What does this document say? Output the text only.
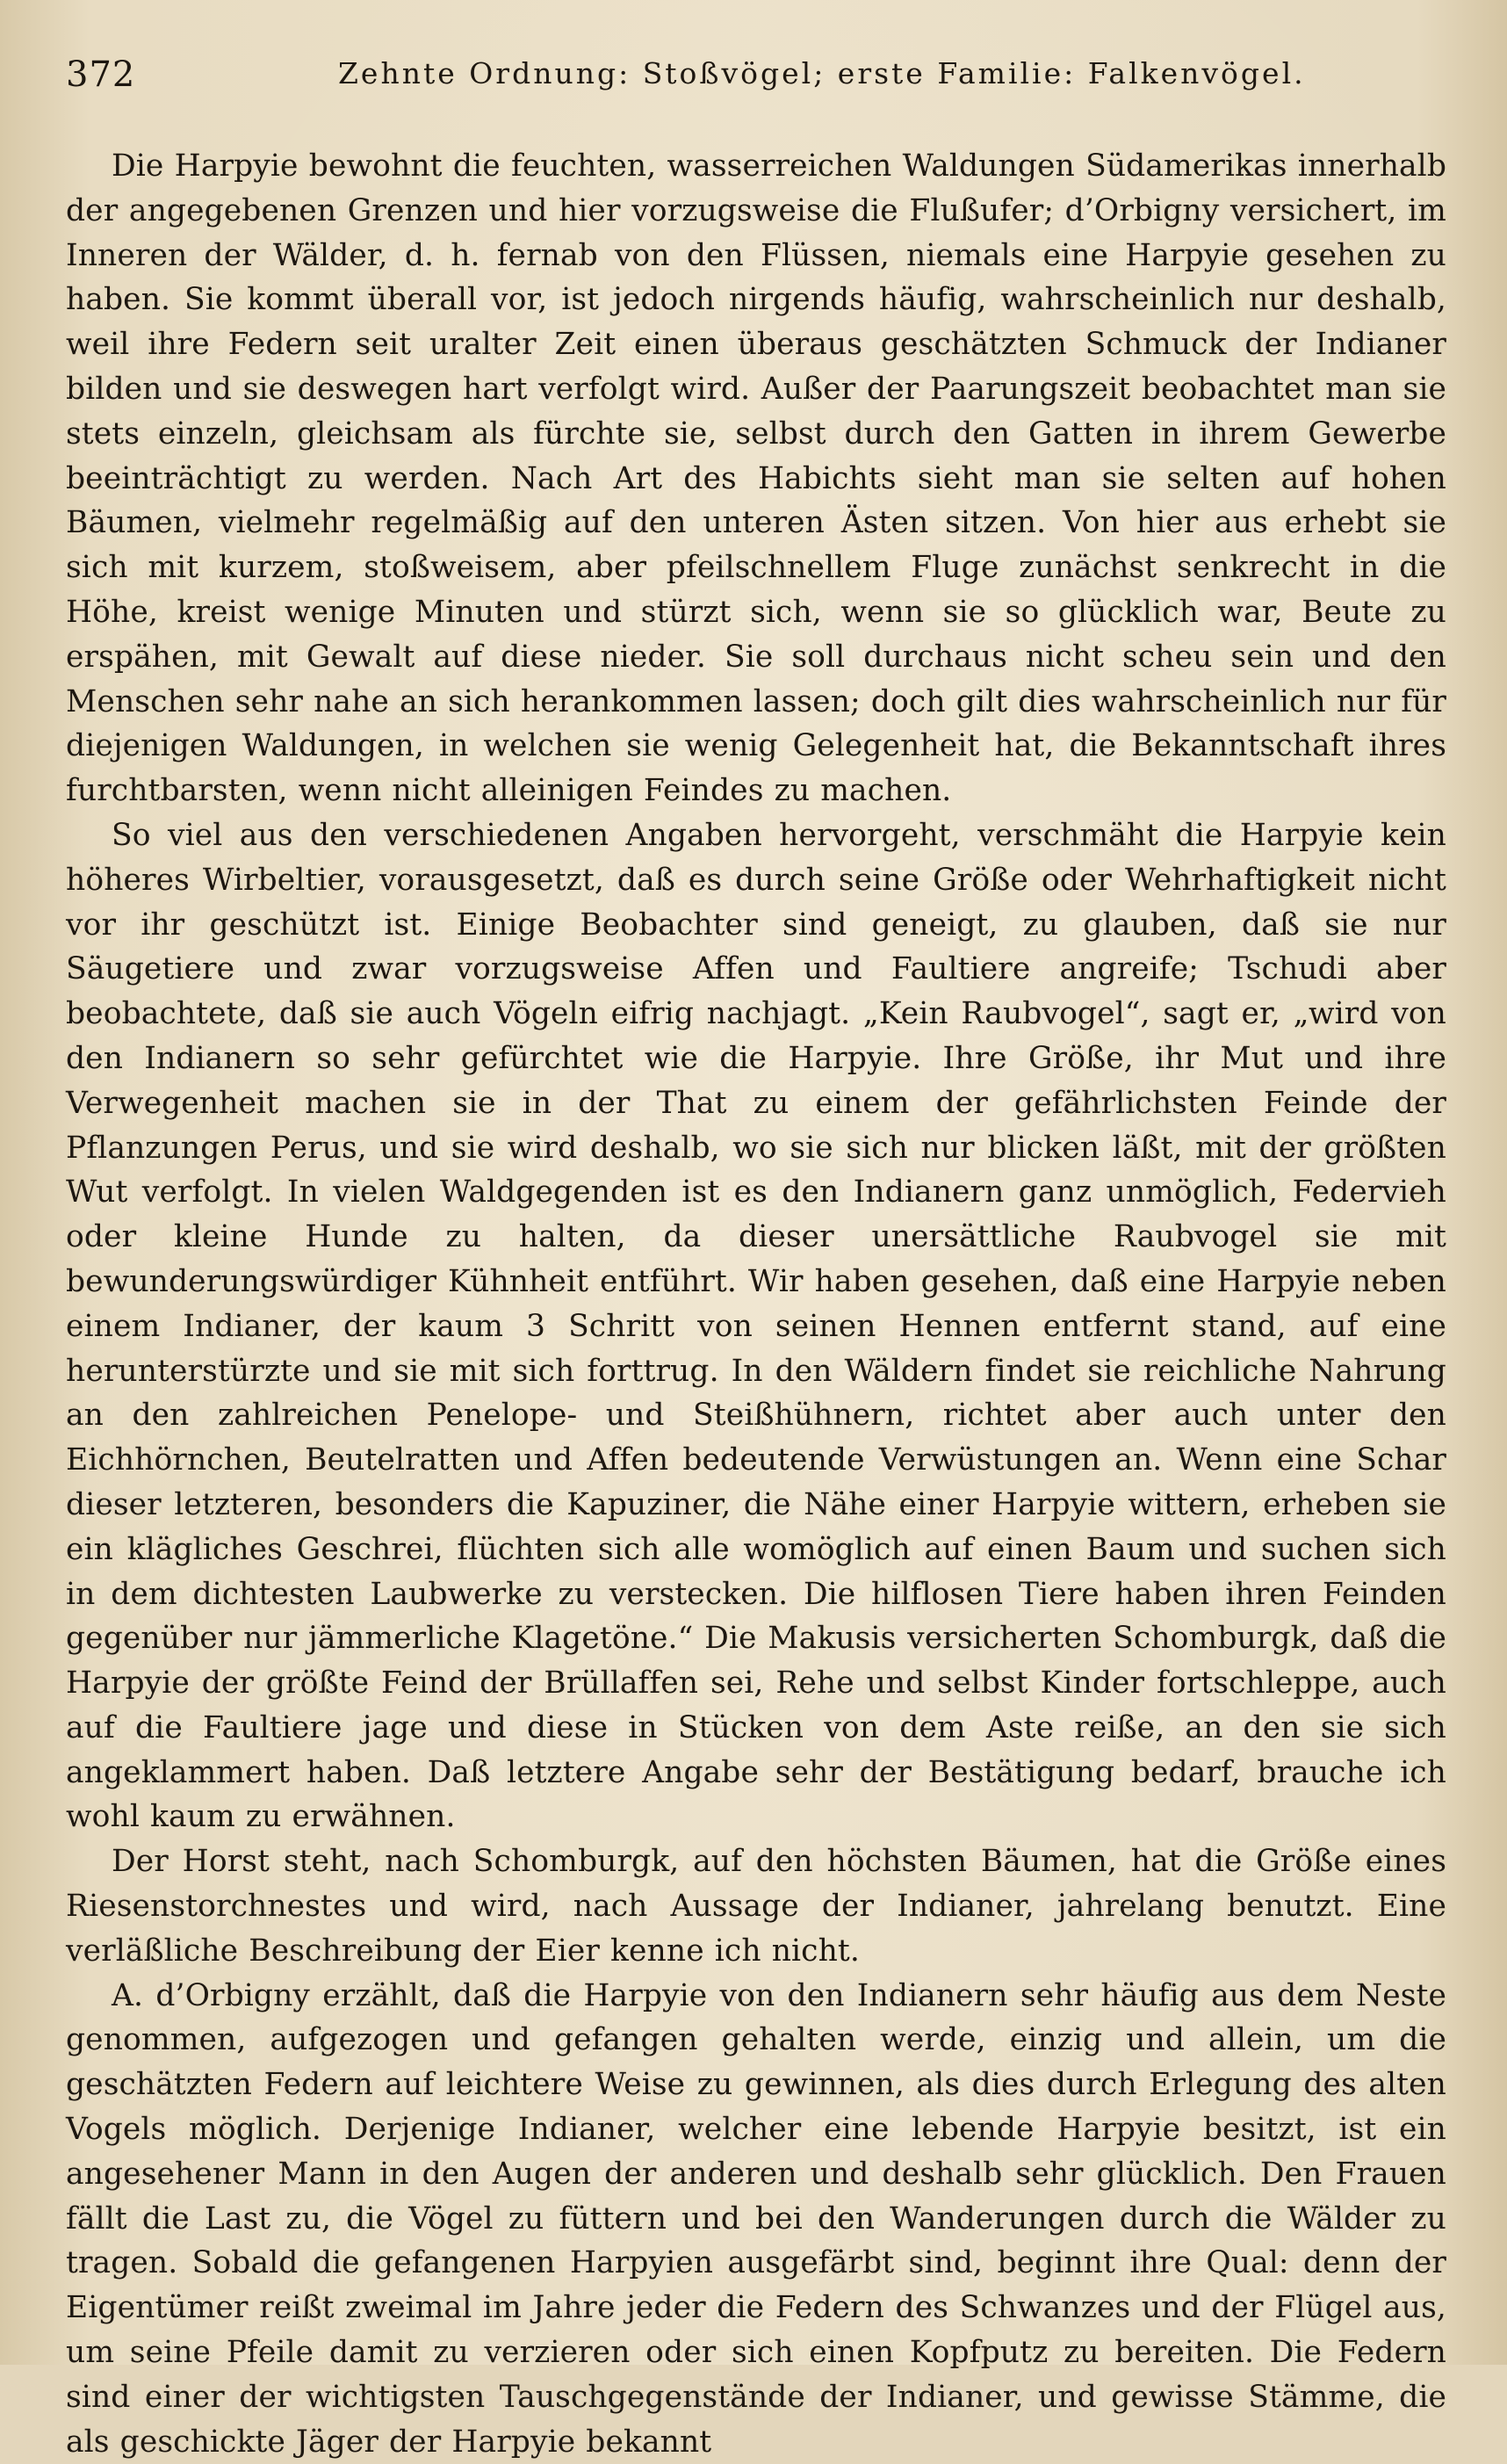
372	Zehnte Ordnung: Stoßvögel; erste Familie: Falkenvögel.

Die Harpyie bewohnt die feuchten, wasserreichen Waldungen Südamerikas innerhalb der angegebenen Grenzen und hier vorzugsweise die Flußufer; d’Orbigny versichert, im Inneren der Wälder, d. h. fernab von den Flüssen, niemals eine Harpyie gesehen zu haben. Sie kommt überall vor, ist jedoch nirgends häufig, wahrscheinlich nur deshalb, weil ihre Federn seit uralter Zeit einen überaus geschätzten Schmuck der Indianer bilden und sie deswegen hart verfolgt wird. Außer der Paarungszeit beobachtet man sie stets einzeln, gleichsam als fürchte sie, selbst durch den Gatten in ihrem Gewerbe beeinträchtigt zu werden. Nach Art des Habichts sieht man sie selten auf hohen Bäumen, vielmehr regelmäßig auf den unteren Ästen sitzen. Von hier aus erhebt sie sich mit kurzem, stoßweisem, aber pfeilschnellem Fluge zunächst senkrecht in die Höhe, kreist wenige Minuten und stürzt sich, wenn sie so glücklich war, Beute zu erspähen, mit Gewalt auf diese nieder. Sie soll durchaus nicht scheu sein und den Menschen sehr nahe an sich herankommen lassen; doch gilt dies wahrscheinlich nur für diejenigen Waldungen, in welchen sie wenig Gelegenheit hat, die Bekanntschaft ihres furchtbarsten, wenn nicht alleinigen Feindes zu machen.

So viel aus den verschiedenen Angaben hervorgeht, verschmäht die Harpyie kein höheres Wirbeltier, vorausgesetzt, daß es durch seine Größe oder Wehrhaftigkeit nicht vor ihr geschützt ist. Einige Beobachter sind geneigt, zu glauben, daß sie nur Säugetiere und zwar vorzugsweise Affen und Faultiere angreife; Tschudi aber beobachtete, daß sie auch Vögeln eifrig nachjagt. „Kein Raubvogel“, sagt er, „wird von den Indianern so sehr gefürchtet wie die Harpyie. Ihre Größe, ihr Mut und ihre Verwegenheit machen sie in der That zu einem der gefährlichsten Feinde der Pflanzungen Perus, und sie wird deshalb, wo sie sich nur blicken läßt, mit der größten Wut verfolgt. In vielen Waldgegenden ist es den Indianern ganz unmöglich, Federvieh oder kleine Hunde zu halten, da dieser unersättliche Raubvogel sie mit bewunderungswürdiger Kühnheit entführt. Wir haben gesehen, daß eine Harpyie neben einem Indianer, der kaum 3 Schritt von seinen Hennen entfernt stand, auf eine herunterstürzte und sie mit sich forttrug. In den Wäldern findet sie reichliche Nahrung an den zahlreichen Penelope- und Steißhühnern, richtet aber auch unter den Eichhörnchen, Beutelratten und Affen bedeutende Verwüstungen an. Wenn eine Schar dieser letzteren, besonders die Kapuziner, die Nähe einer Harpyie wittern, erheben sie ein klägliches Geschrei, flüchten sich alle womöglich auf einen Baum und suchen sich in dem dichtesten Laubwerke zu verstecken. Die hilflosen Tiere haben ihren Feinden gegenüber nur jämmerliche Klagetöne.“ Die Makusis versicherten Schomburgk, daß die Harpyie der größte Feind der Brüllaffen sei, Rehe und selbst Kinder fortschleppe, auch auf die Faultiere jage und diese in Stücken von dem Aste reiße, an den sie sich angeklammert haben. Daß letztere Angabe sehr der Bestätigung bedarf, brauche ich wohl kaum zu erwähnen.

Der Horst steht, nach Schomburgk, auf den höchsten Bäumen, hat die Größe eines Riesenstorchnestes und wird, nach Aussage der Indianer, jahrelang benutzt. Eine verläßliche Beschreibung der Eier kenne ich nicht.

A. d’Orbigny erzählt, daß die Harpyie von den Indianern sehr häufig aus dem Neste genommen, aufgezogen und gefangen gehalten werde, einzig und allein, um die geschätzten Federn auf leichtere Weise zu gewinnen, als dies durch Erlegung des alten Vogels möglich. Derjenige Indianer, welcher eine lebende Harpyie besitzt, ist ein angesehener Mann in den Augen der anderen und deshalb sehr glücklich. Den Frauen fällt die Last zu, die Vögel zu füttern und bei den Wanderungen durch die Wälder zu tragen. Sobald die gefangenen Harpyien ausgefärbt sind, beginnt ihre Qual: denn der Eigentümer reißt zweimal im Jahre jeder die Federn des Schwanzes und der Flügel aus, um seine Pfeile damit zu verzieren oder sich einen Kopfputz zu bereiten. Die Federn sind einer der wichtigsten Tauschgegenstände der Indianer, und gewisse Stämme, die als geschickte Jäger der Harpyie bekannt
